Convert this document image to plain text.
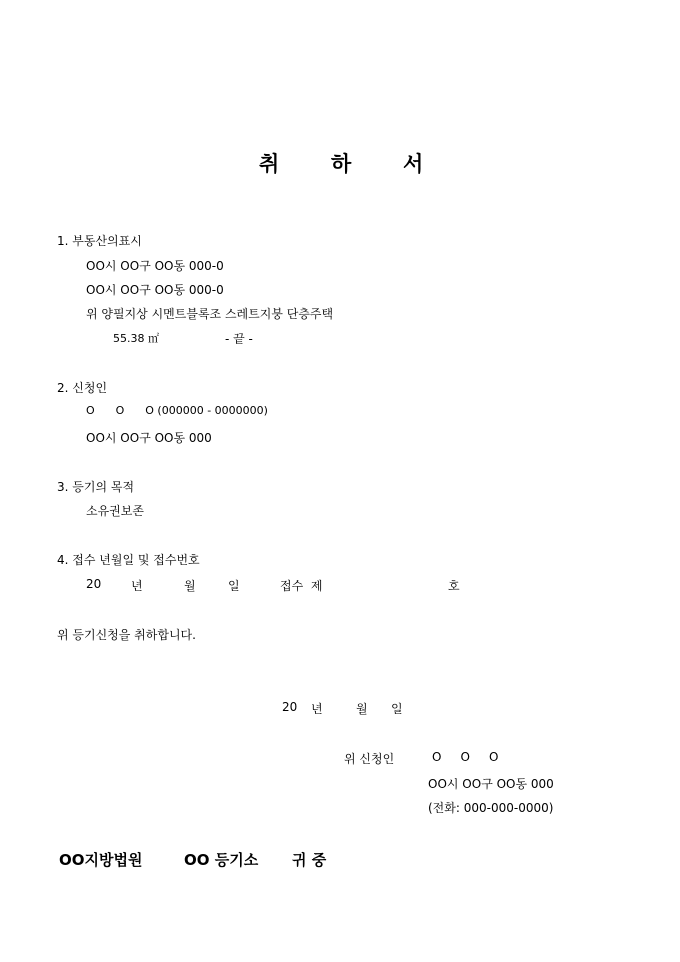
취 하 서
1. 부동산의표시
OO시 OO구 OO동 000-0
OO시 OO구 OO동 000-0
위 양필지상 시멘트블록조 스레트지붕 단층주택
55.38 ㎡	- 끝 -
2. 신청인
O      O      O (000000 - 0000000)
OO시 OO구 OO동 000
3. 등기의 목적
소유권보존
4. 접수 년월일 및 접수번호
20 년	월	일	접수  제	호
위 등기신청을 취하합니다.
20 년	월 일
위 신청인	O     O     O
OO시 OO구 OO동 000
(전화: 000-000-0000)
OO지방법원	OO 등기소 귀 중
